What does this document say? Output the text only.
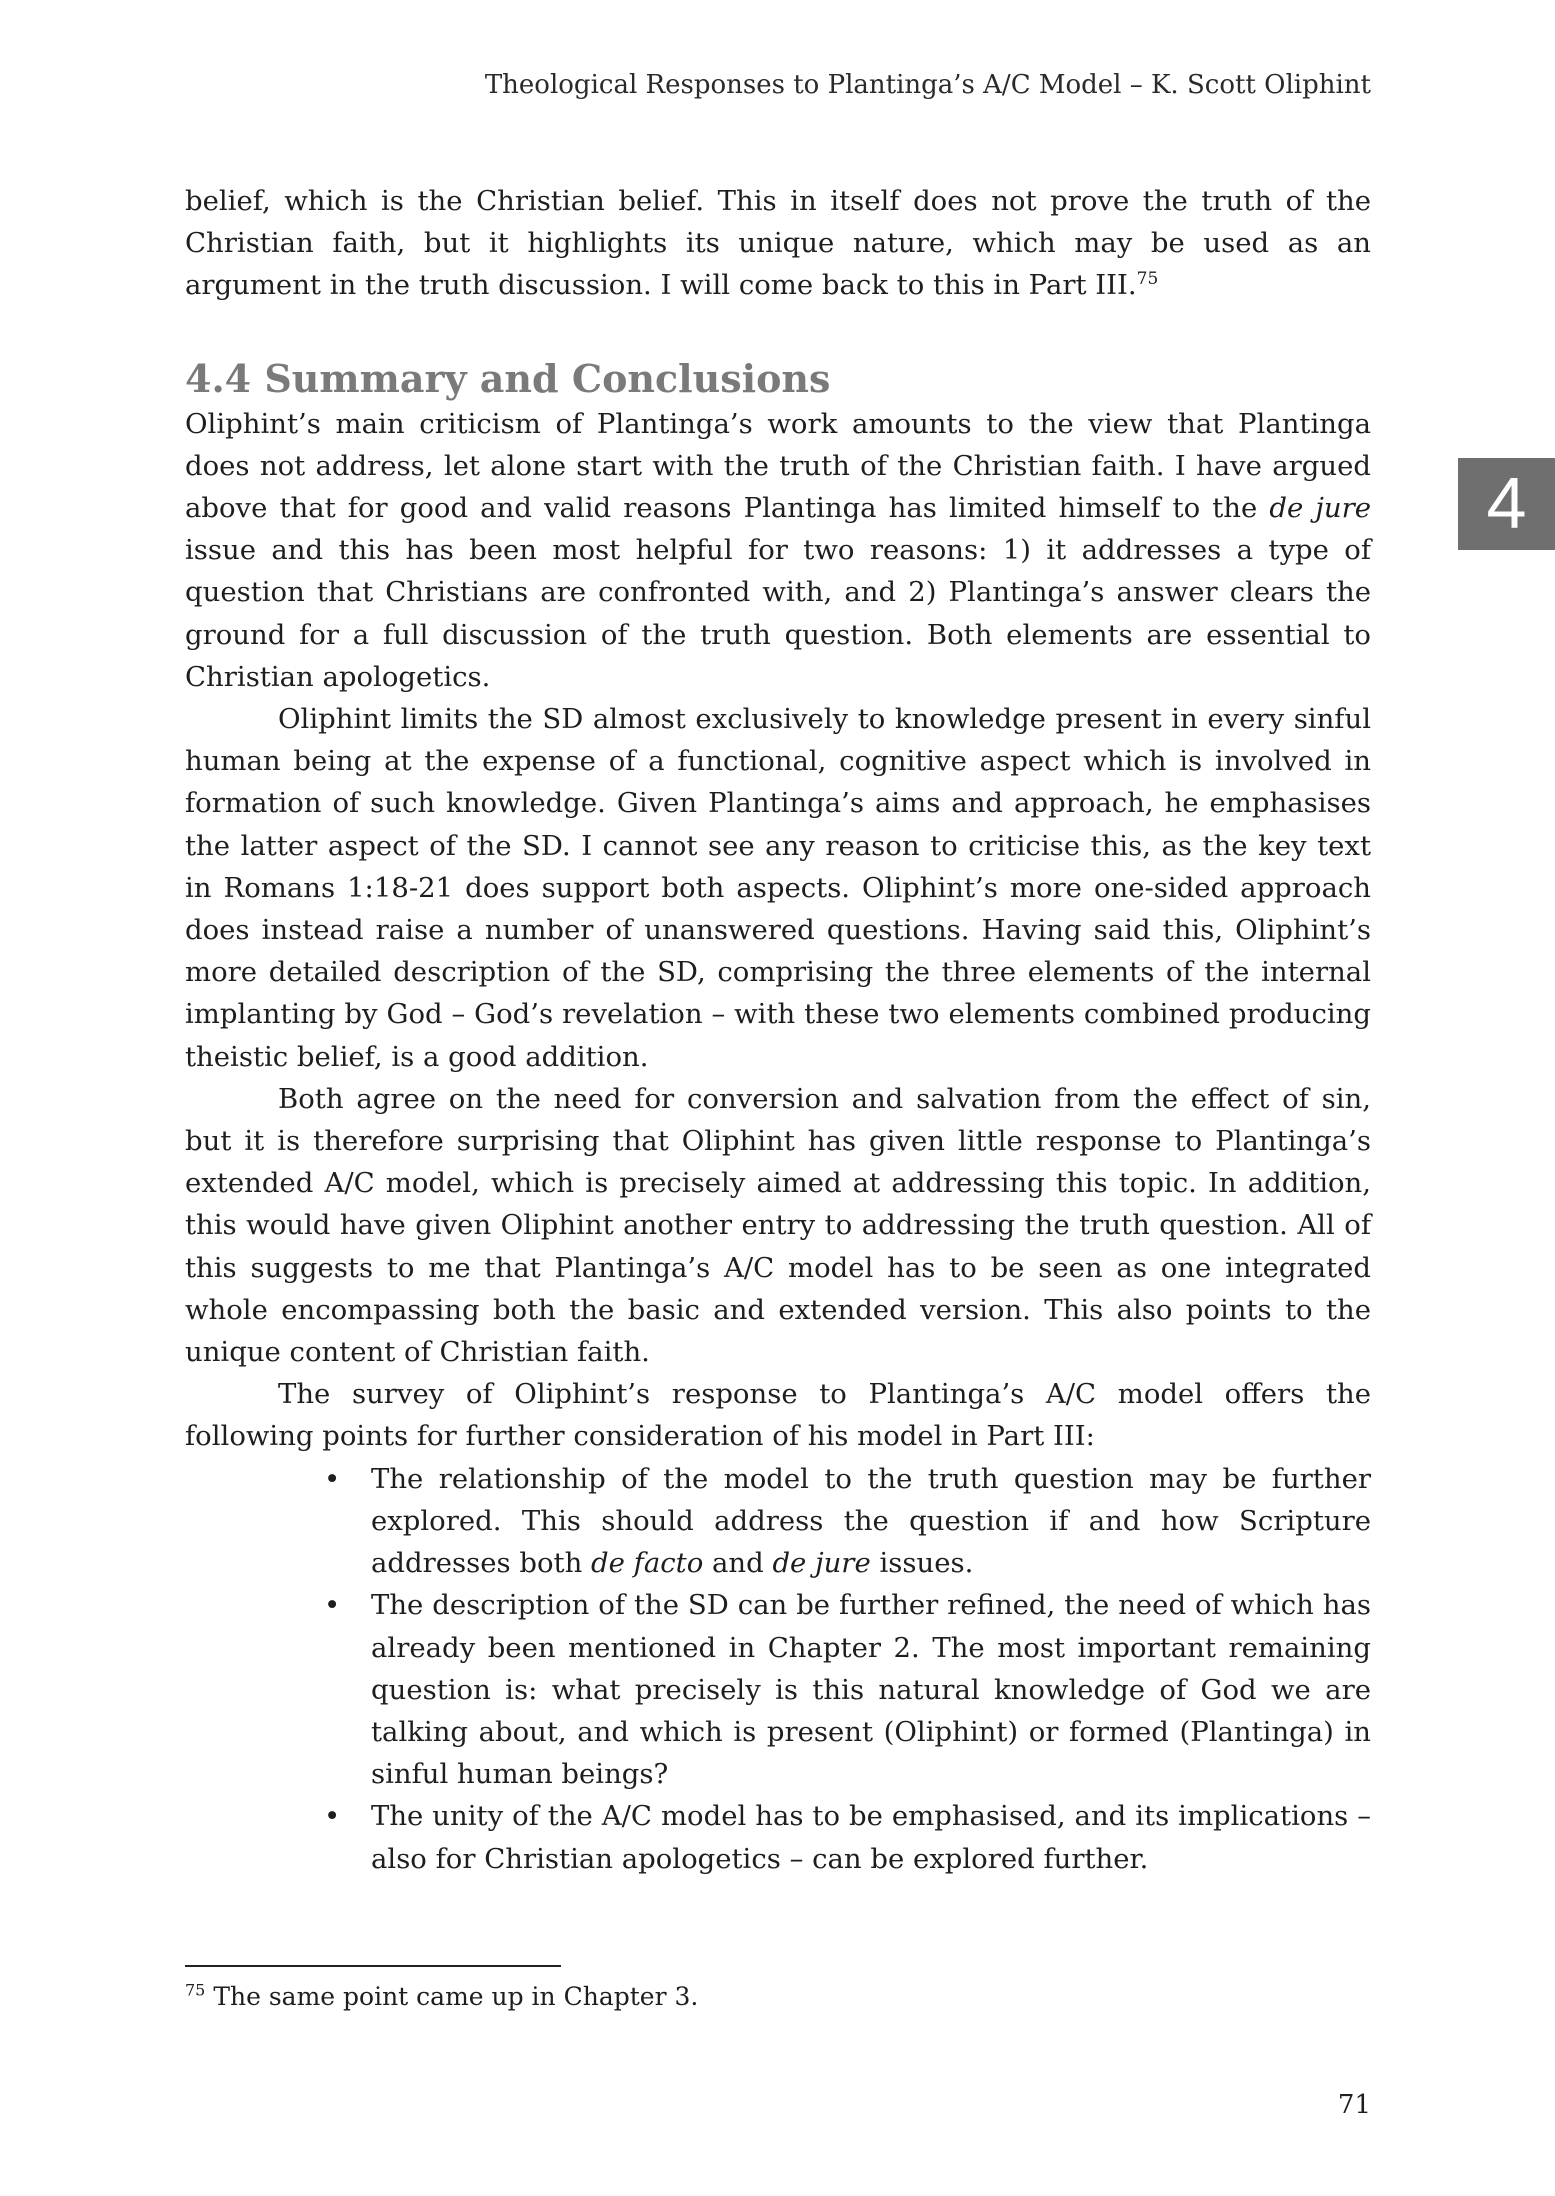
Theological Responses to Plantinga’s A/C Model – K. Scott Oliphint
4

belief, which is the Christian belief. This in itself does not prove the truth of the Christian faith, but it highlights its unique nature, which may be used as an argument in the truth discussion. I will come back to this in Part III.$^{75}$

4.4 Summary and Conclusions

Oliphint’s main criticism of Plantinga’s work amounts to the view that Plantinga does not address, let alone start with the truth of the Christian faith. I have argued above that for good and valid reasons Plantinga has limited himself to the de jure issue and this has been most helpful for two reasons: 1) it addresses a type of question that Christians are confronted with, and 2) Plantinga’s answer clears the ground for a full discussion of the truth question. Both elements are essential to Christian apologetics.

Oliphint limits the SD almost exclusively to knowledge present in every sinful human being at the expense of a functional, cognitive aspect which is involved in formation of such knowledge. Given Plantinga’s aims and approach, he emphasises the latter aspect of the SD. I cannot see any reason to criticise this, as the key text in Romans 1:18-21 does support both aspects. Oliphint’s more one-sided approach does instead raise a number of unanswered questions. Having said this, Oliphint’s more detailed description of the SD, comprising the three elements of the internal implanting by God – God’s revelation – with these two elements combined producing theistic belief, is a good addition.

Both agree on the need for conversion and salvation from the effect of sin, but it is therefore surprising that Oliphint has given little response to Plantinga’s extended A/C model, which is precisely aimed at addressing this topic. In addition, this would have given Oliphint another entry to addressing the truth question. All of this suggests to me that Plantinga’s A/C model has to be seen as one integrated whole encompassing both the basic and extended version. This also points to the unique content of Christian faith.

The survey of Oliphint’s response to Plantinga’s A/C model offers the following points for further consideration of his model in Part III:

• The relationship of the model to the truth question may be further explored. This should address the question if and how Scripture addresses both de facto and de jure issues.
• The description of the SD can be further refined, the need of which has already been mentioned in Chapter 2. The most important remaining question is: what precisely is this natural knowledge of God we are talking about, and which is present (Oliphint) or formed (Plantinga) in sinful human beings?
• The unity of the A/C model has to be emphasised, and its implications – also for Christian apologetics – can be explored further.
$^{75}$ The same point came up in Chapter 3.
71
